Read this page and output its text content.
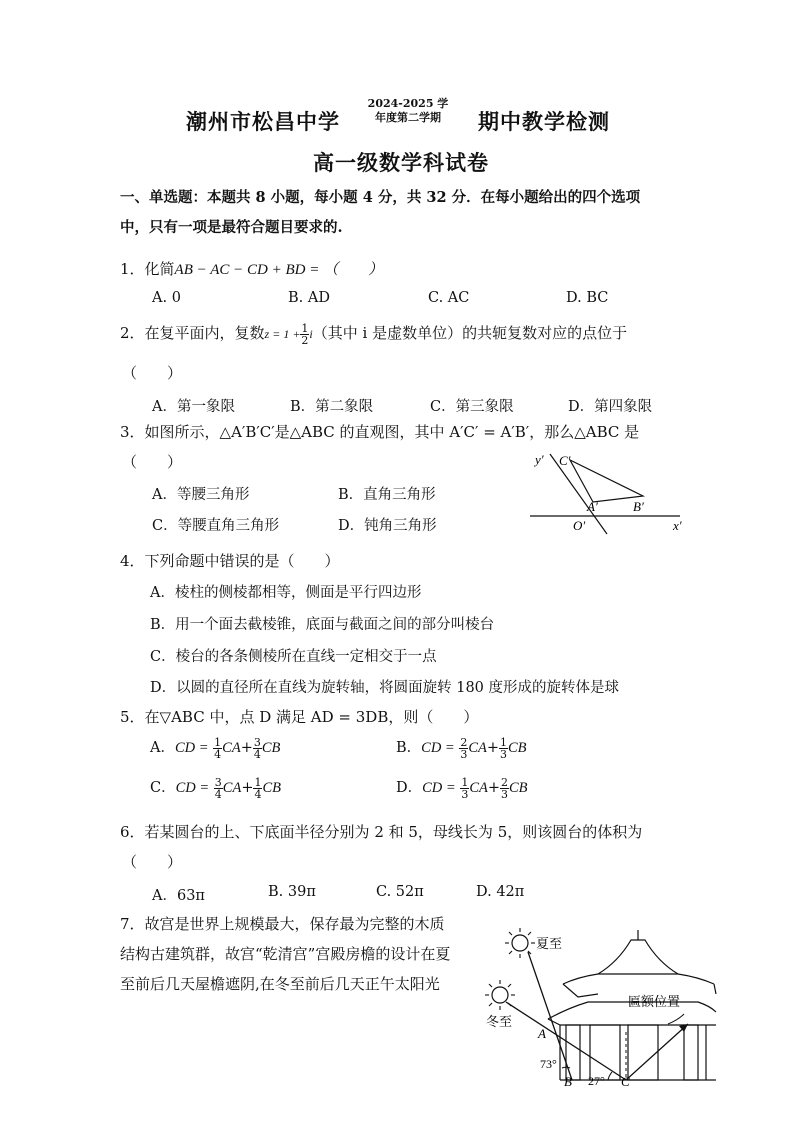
潮州市松昌中学
2024-2025 学
年度第二学期	期中教学检测
高一级数学科试卷
一、单选题：本题共 8 小题，每小题 4 分，共 32 分．在每小题给出的四个选项
中，只有一项是最符合题目要求的.
1．化简AB − AC − CD + BD = （　　）
A. 0	B. AD	C. AC	D. BC
2．在复平面内，复数$z = 1 + \frac{1}{2} i$（其中 i 是虚数单位）的共轭复数对应的点位于
（　　）
A．第一象限	B．第二象限	C．第三象限	D．第四象限
3．如图所示，△A′B′C′是△ABC 的直观图，其中 A′C′ = A′B′，那么△ABC 是
（　　）
A．等腰三角形	B．直角三角形
C．等腰直角三角形	D．钝角三角形
y′ C′
A′	B′
O′	x′
4．下列命题中错误的是（　　）
A．棱柱的侧棱都相等，侧面是平行四边形
B．用一个面去截棱锥，底面与截面之间的部分叫棱台
C．棱台的各条侧棱所在直线一定相交于一点
D．以圆的直径所在直线为旋转轴，将圆面旋转 180 度形成的旋转体是球
5．在▽ABC 中，点 D 满足 AD = 3DB，则（　　）
A．CD = $\frac{1}{4} CA+ \frac{3}{4}$ CB	B．CD = $\frac{2}{3} CA+ \frac{1}{3}$ CB
C．CD = $\frac{3}{4} CA+ \frac{1}{4}$ CB	D．CD = $\frac{1}{3} CA+ \frac{2}{3}$ CB
6．若某圆台的上、下底面半径分别为 2 和 5，母线长为 5，则该圆台的体积为
（　　）
A．63π	B. 39π	C. 52π	D. 42π
7．故宫是世界上规模最大，保存最为完整的木质
结构古建筑群，故宫“乾清宫”宫殿房檐的设计在夏
至前后几天屋檐遮阴,在冬至前后几天正午太阳光
夏至
冬至
匾额位置
A
B	C
73°
27°
